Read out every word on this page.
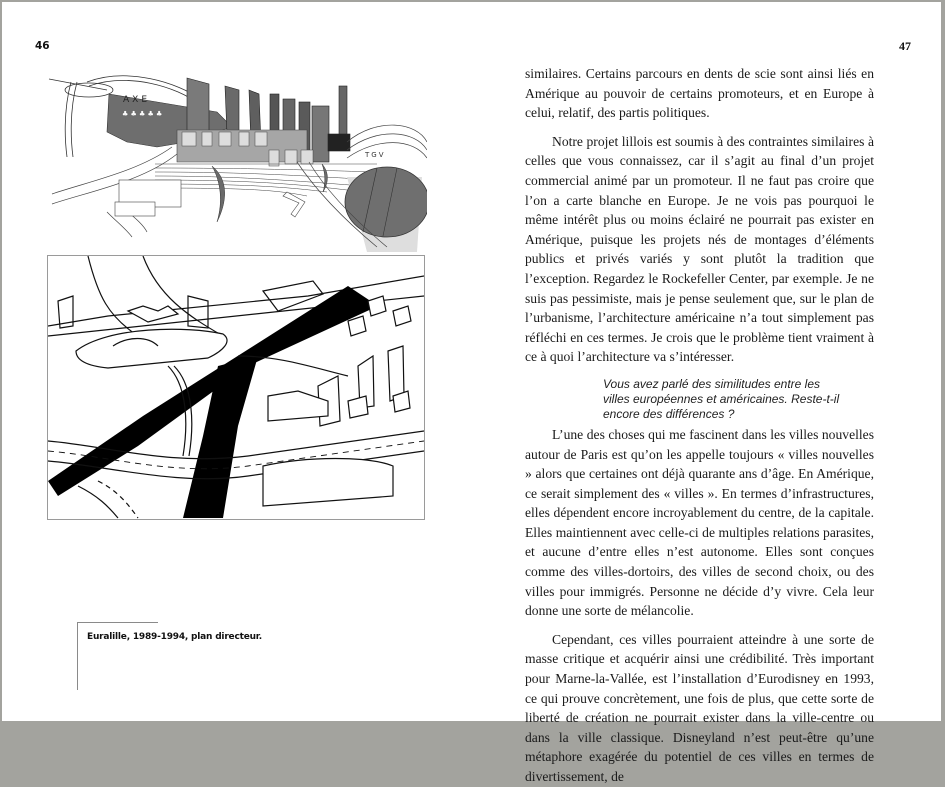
46	47
AXE
♣ ♣ ♣ ♣ ♣
TGV
Euralille, 1989-1994, plan directeur.

similaires. Certains parcours en dents de scie sont ainsi liés en Amérique au pouvoir de certains promoteurs, et en Europe à celui, relatif, des partis politiques.

Notre projet lillois est soumis à des contraintes similaires à celles que vous connaissez, car il s’agit au final d’un projet commercial animé par un promoteur. Il ne faut pas croire que l’on a carte blanche en Europe. Je ne vois pas pourquoi le même intérêt plus ou moins éclairé ne pourrait pas exister en Amérique, puisque les projets nés de montages d’éléments publics et privés variés y sont plutôt la tradition que l’exception. Regardez le Rockefeller Center, par exemple. Je ne suis pas pessimiste, mais je pense seulement que, sur le plan de l’urbanisme, l’architecture américaine n’a tout simplement pas réfléchi en ces termes. Je crois que le problème tient vraiment à ce à quoi l’architecture va s’intéresser.

Vous avez parlé des similitudes entre les villes européennes et américaines. Reste-t-il encore des différences ?

L’une des choses qui me fascinent dans les villes nouvelles autour de Paris est qu’on les appelle toujours « villes nouvelles » alors que certaines ont déjà quarante ans d’âge. En Amérique, ce serait simplement des « villes ». En termes d’infrastructures, elles dépendent encore incroyablement du centre, de la capitale. Elles maintiennent avec celle-ci de multiples relations parasites, et aucune d’entre elles n’est autonome. Elles sont conçues comme des villes-dortoirs, des villes de second choix, ou des villes pour immigrés. Personne ne décide d’y vivre. Cela leur donne une sorte de mélancolie.

Cependant, ces villes pourraient atteindre à une sorte de masse critique et acquérir ainsi une crédibilité. Très important pour Marne-la-Vallée, est l’installation d’Eurodisney en 1993, ce qui prouve concrètement, une fois de plus, que cette sorte de liberté de création ne pourrait exister dans la ville-centre ou dans la ville classique. Disneyland n’est peut-être qu’une métaphore exagérée du potentiel de ces villes en termes de divertissement, de
